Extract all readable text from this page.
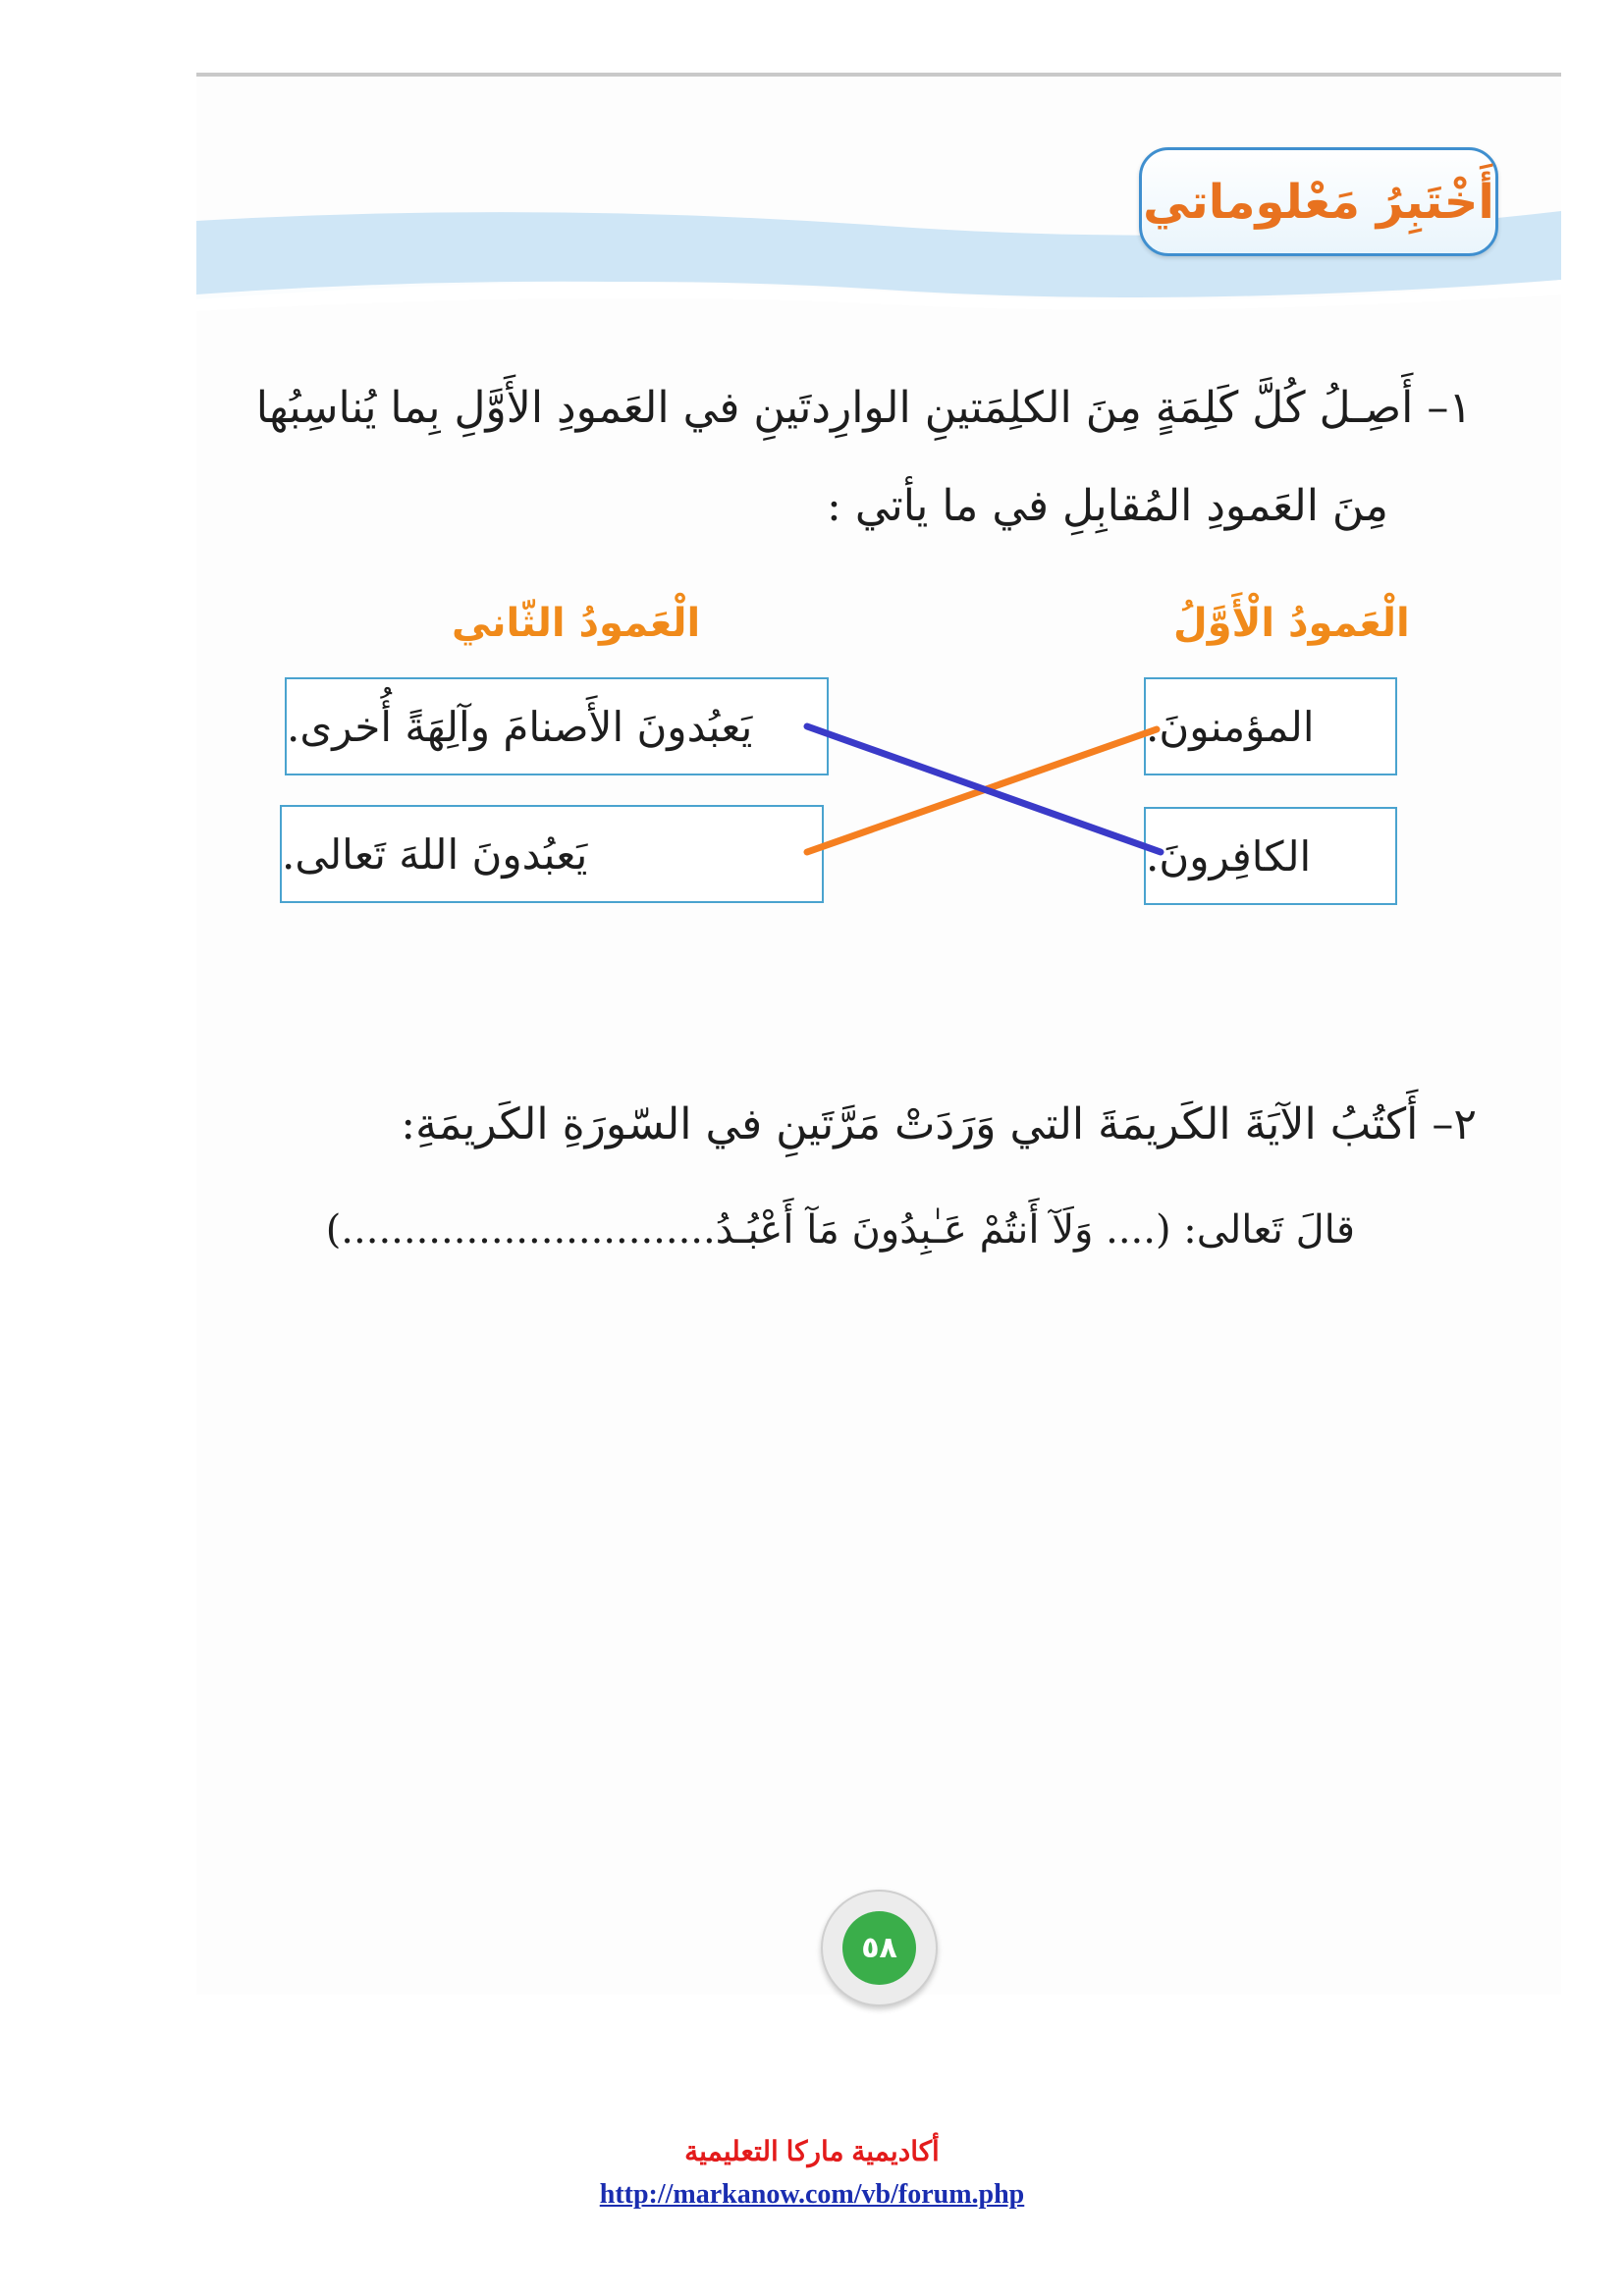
أَخْتَبِرُ مَعْلوماتي
١– أَصِـلُ كُلَّ كَلِمَةٍ مِنَ الكلِمَتينِ الوارِدتَينِ في العَمودِ الأَوَّلِ بِما يُناسِبُها
مِنَ العَمودِ المُقابِلِ في ما يأتي :
الْعَمودُ الْأَوَّلُ
الْعَمودُ الثّاني
المؤمنونَ.
الكافِرونَ.
يَعبُدونَ الأَصنامَ وآلِهَةً أُخرى.
يَعبُدونَ اللهَ تَعالى.
٢– أَكتُبُ الآيَةَ الكَريمَةَ التي وَرَدَتْ مَرَّتَينِ في السّورَةِ الكَريمَةِ:
قالَ تَعالى: (.... وَلَآ أَنتُمْ عَـٰبِدُونَ مَآ أَعْبُـدُ..............................)
٥٨
أكاديمية ماركا التعليمية
http://markanow.com/vb/forum.php
